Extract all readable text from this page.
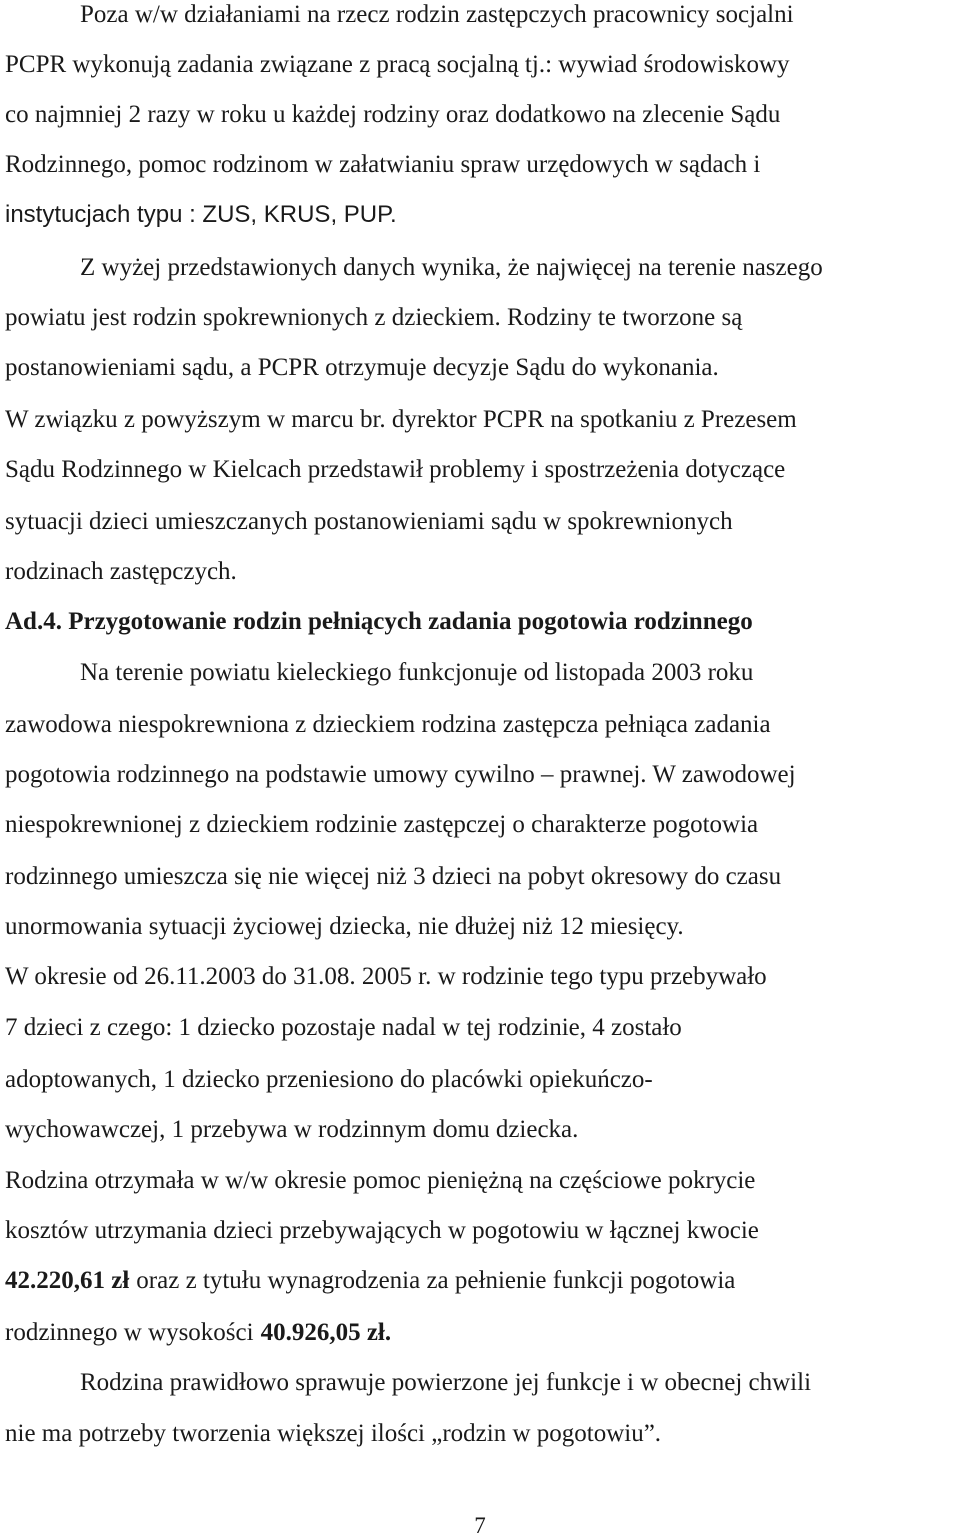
Poza w/w działaniami na rzecz rodzin zastępczych pracownicy socjalni
PCPR wykonują zadania związane z pracą socjalną tj.: wywiad środowiskowy
co najmniej 2 razy w roku u każdej rodziny oraz dodatkowo na zlecenie Sądu
Rodzinnego, pomoc rodzinom w załatwianiu spraw urzędowych w sądach i
instytucjach typu : ZUS, KRUS, PUP.
Z wyżej przedstawionych danych wynika, że najwięcej na terenie naszego
powiatu jest rodzin spokrewnionych z dzieckiem. Rodziny te tworzone są
postanowieniami sądu, a PCPR otrzymuje decyzje Sądu do wykonania.
W związku z powyższym w marcu br. dyrektor PCPR na spotkaniu z Prezesem
Sądu Rodzinnego w Kielcach przedstawił problemy i spostrzeżenia dotyczące
sytuacji dzieci umieszczanych postanowieniami sądu w spokrewnionych
rodzinach zastępczych.
Ad.4. Przygotowanie rodzin pełniących zadania pogotowia rodzinnego
Na terenie powiatu kieleckiego funkcjonuje od listopada 2003 roku
zawodowa niespokrewniona z dzieckiem rodzina zastępcza pełniąca zadania
pogotowia rodzinnego na podstawie umowy cywilno – prawnej. W zawodowej
niespokrewnionej z dzieckiem rodzinie zastępczej o charakterze pogotowia
rodzinnego umieszcza się nie więcej niż 3 dzieci na pobyt okresowy do czasu
unormowania sytuacji życiowej dziecka, nie dłużej niż 12 miesięcy.
W okresie od 26.11.2003 do 31.08. 2005 r. w rodzinie tego typu przebywało
7 dzieci z czego: 1 dziecko pozostaje nadal w tej rodzinie, 4 zostało
adoptowanych, 1 dziecko przeniesiono do placówki opiekuńczo-
wychowawczej, 1 przebywa w rodzinnym domu dziecka.
Rodzina otrzymała w w/w okresie pomoc pieniężną na częściowe pokrycie
kosztów utrzymania dzieci przebywających w pogotowiu w łącznej kwocie
42.220,61 zł oraz z tytułu wynagrodzenia za pełnienie funkcji pogotowia
rodzinnego w wysokości 40.926,05 zł.
Rodzina prawidłowo sprawuje powierzone jej funkcje i w obecnej chwili
nie ma potrzeby tworzenia większej ilości „rodzin w pogotowiu”.
7
